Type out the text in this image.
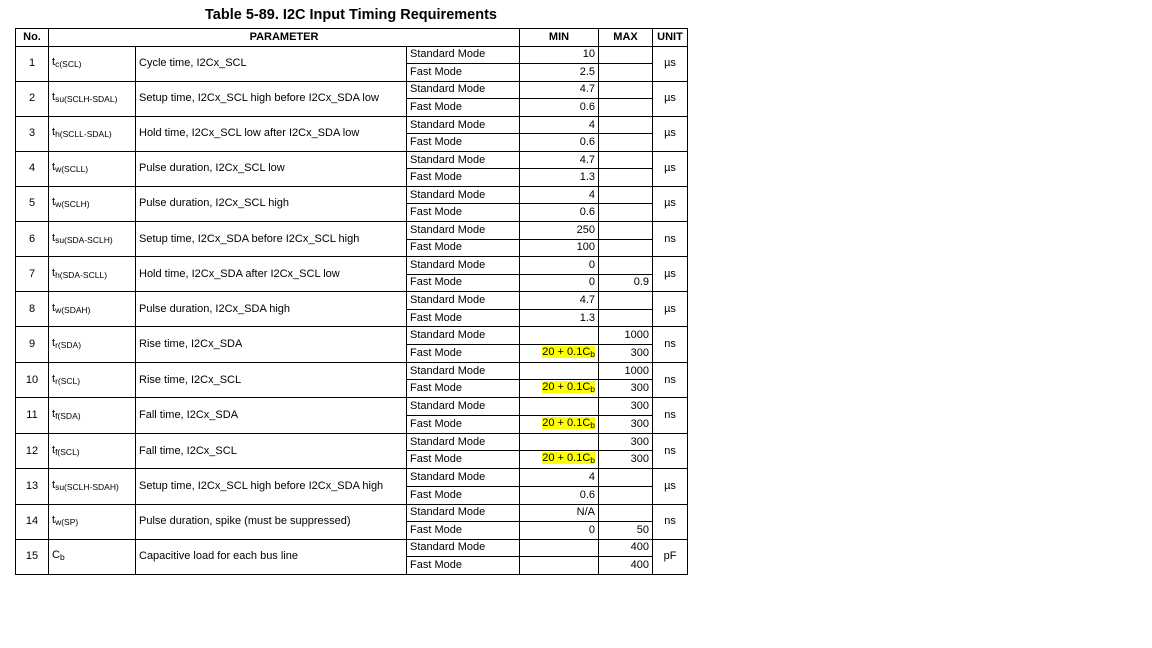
Table 5-89. I2C Input Timing Requirements
No.	PARAMETER			MIN	MAX	UNIT
1	$t_{c(SCL)}$	Cycle time, I2Cx_SCL	Standard Mode	10		µs
			Fast Mode	2.5		
2	$t_{su(SCLH-SDAL)}$	Setup time, I2Cx_SCL high before I2Cx_SDA low	Standard Mode	4.7		µs
			Fast Mode	0.6		
3	$t_{h(SCLL-SDAL)}$	Hold time, I2Cx_SCL low after I2Cx_SDA low	Standard Mode	4		µs
			Fast Mode	0.6		
4	$t_{w(SCLL)}$	Pulse duration, I2Cx_SCL low	Standard Mode	4.7		µs
			Fast Mode	1.3		
5	$t_{w(SCLH)}$	Pulse duration, I2Cx_SCL high	Standard Mode	4		µs
			Fast Mode	0.6		
6	$t_{su(SDA-SCLH)}$	Setup time, I2Cx_SDA before I2Cx_SCL high	Standard Mode	250		ns
			Fast Mode	100		
7	$t_{h(SDA-SCLL)}$	Hold time, I2Cx_SDA after I2Cx_SCL low	Standard Mode	0		µs
			Fast Mode	0	0.9	
8	$t_{w(SDAH)}$	Pulse duration, I2Cx_SDA high	Standard Mode	4.7		µs
			Fast Mode	1.3		
9	$t_{r(SDA)}$	Rise time, I2Cx_SDA	Standard Mode		1000	ns
			Fast Mode	20 + 0.1Cb	300	
10	$t_{r(SCL)}$	Rise time, I2Cx_SCL	Standard Mode		1000	ns
			Fast Mode	20 + 0.1Cb	300	
11	$t_{f(SDA)}$	Fall time, I2Cx_SDA	Standard Mode		300	ns
			Fast Mode	20 + 0.1Cb	300	
12	$t_{f(SCL)}$	Fall time, I2Cx_SCL	Standard Mode		300	ns
			Fast Mode	20 + 0.1Cb	300	
13	$t_{su(SCLH-SDAH)}$	Setup time, I2Cx_SCL high before I2Cx_SDA high	Standard Mode	4		µs
			Fast Mode	0.6		
14	$t_{w(SP)}$	Pulse duration, spike (must be suppressed)	Standard Mode	N/A		ns
			Fast Mode	0	50	
15	$C_b$	Capacitive load for each bus line	Standard Mode		400	pF
			Fast Mode		400	
